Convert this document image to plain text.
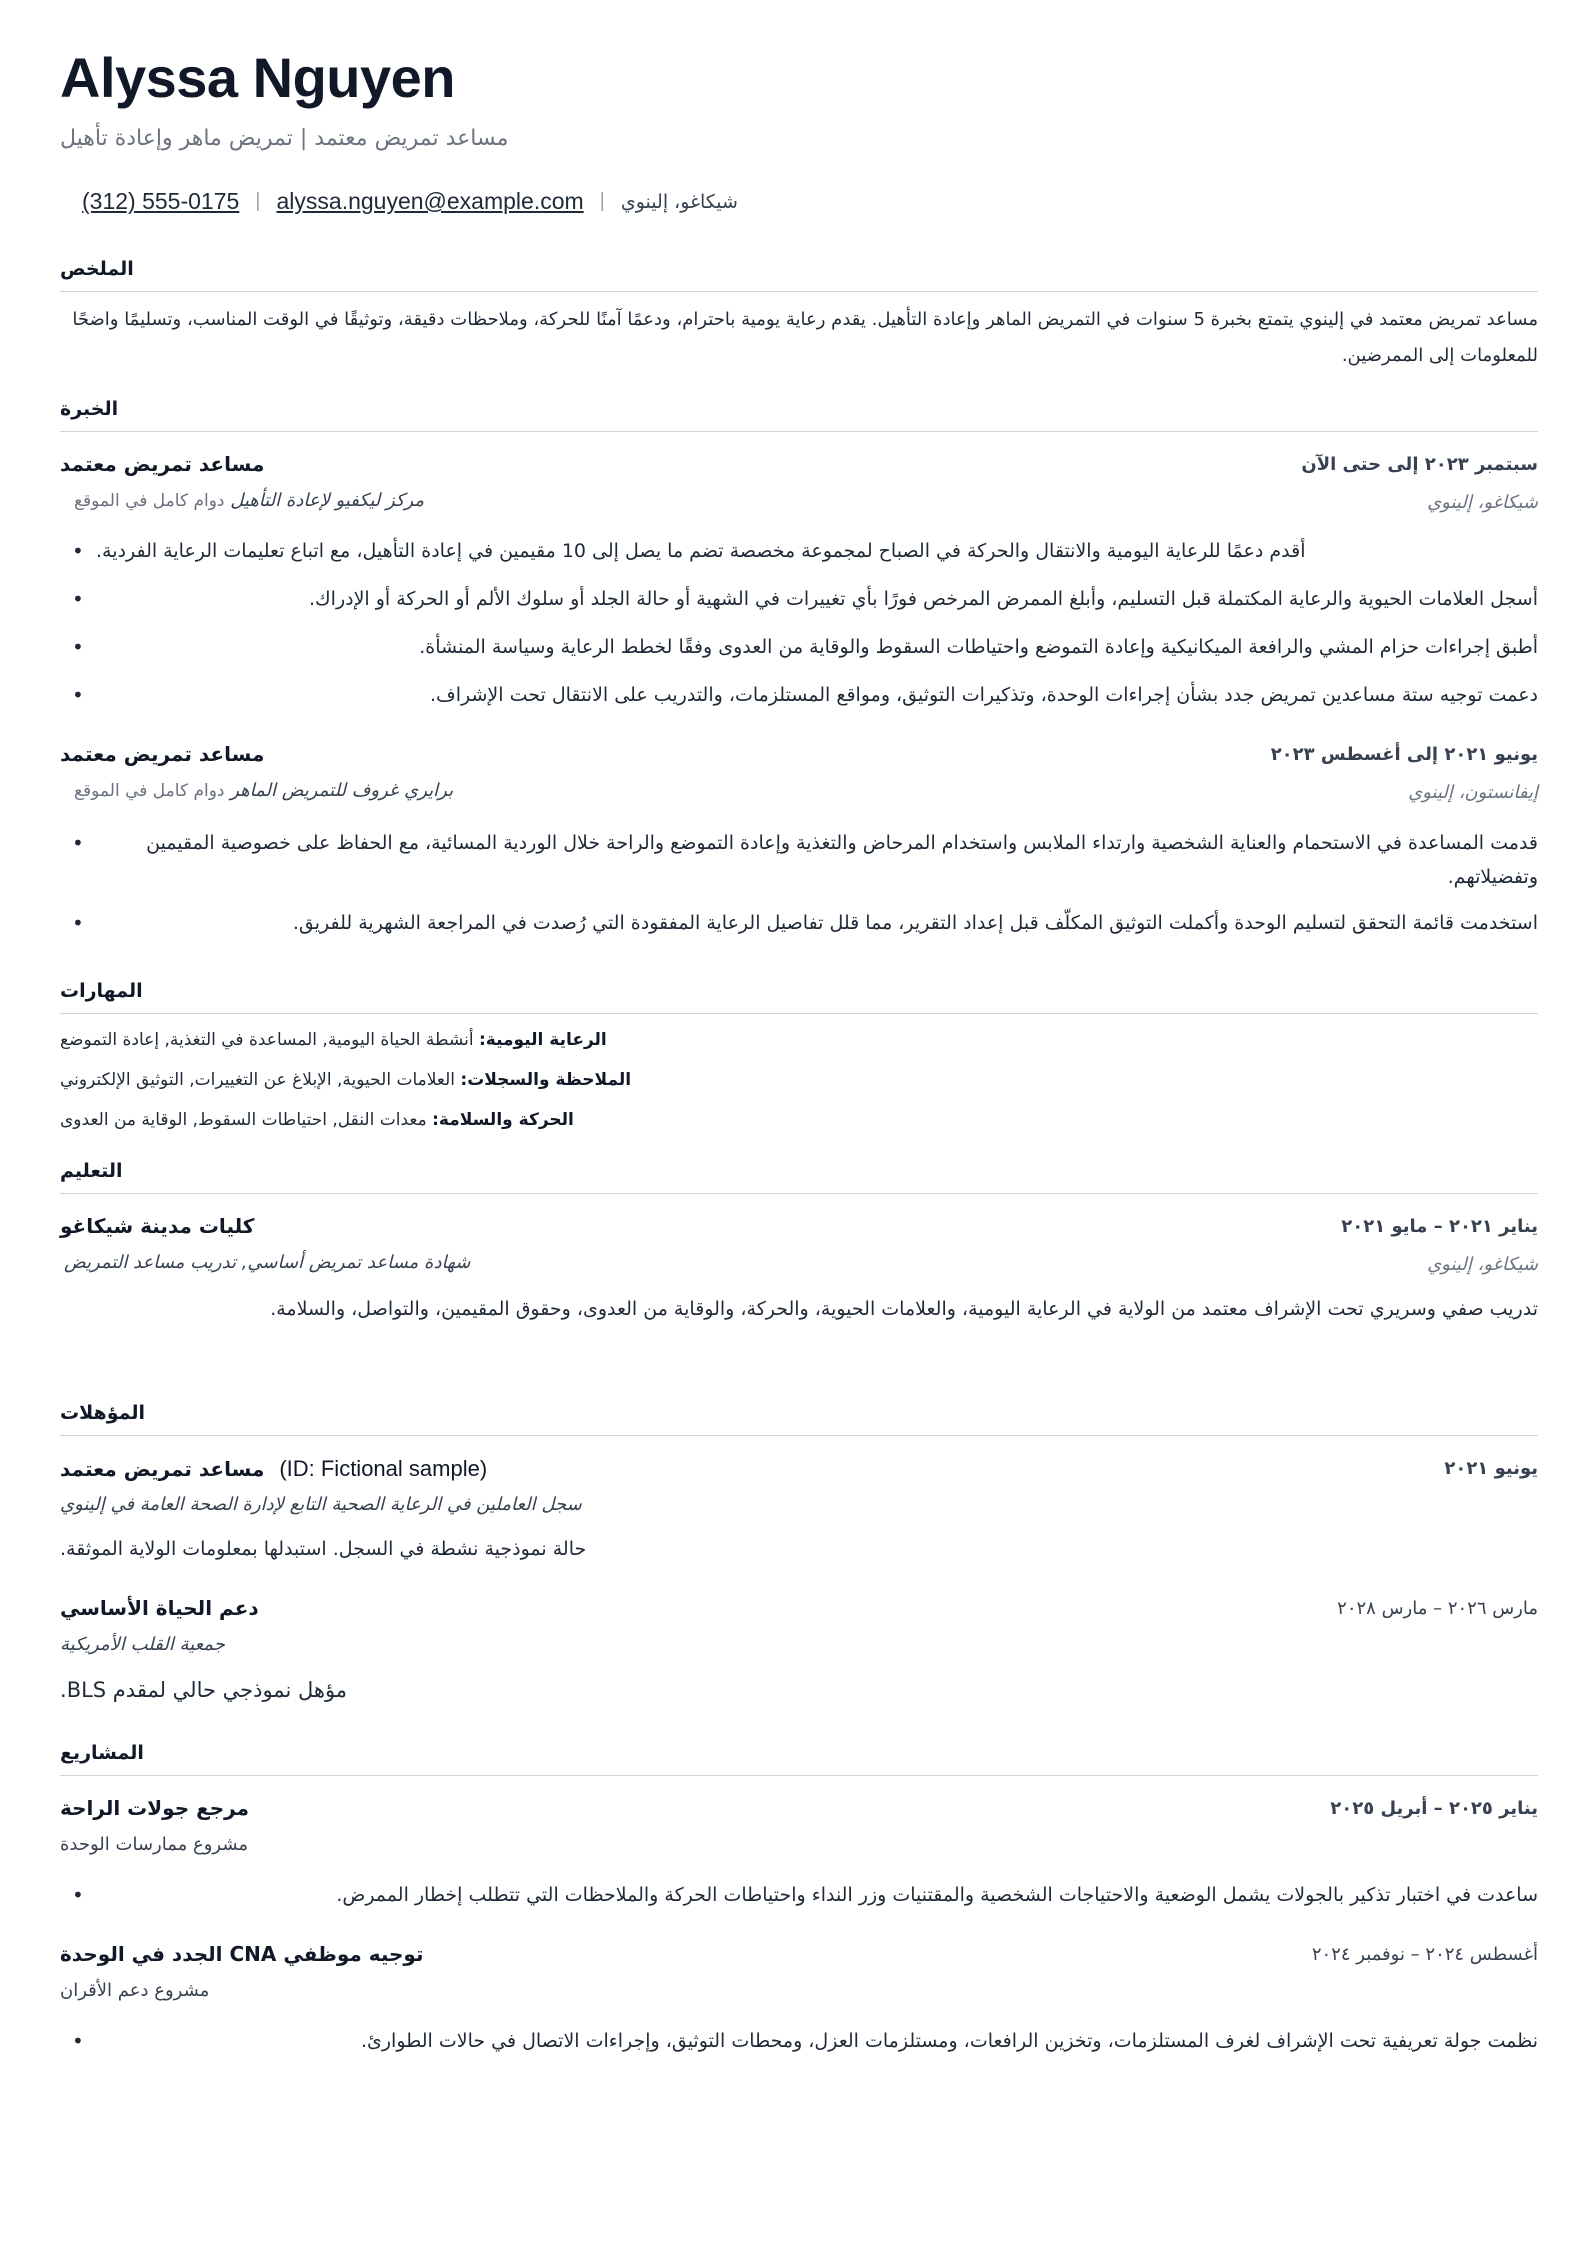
Alyssa Nguyen
مساعد تمريض معتمد | تمريض ماهر وإعادة تأهيل
(312) 555-0175 | alyssa.nguyen@example.com | شيكاغو، إلينوي
الملخص
مساعد تمريض معتمد في إلينوي يتمتع بخبرة 5 سنوات في التمريض الماهر وإعادة التأهيل. يقدم رعاية يومية باحترام، ودعمًا آمنًا للحركة، وملاحظات دقيقة، وتوثيقًا في الوقت المناسب، وتسليمًا واضحًا للمعلومات إلى الممرضين.
الخبرة
مساعد تمريض معتمد	سبتمبر ٢٠٢٣ إلى حتى الآن
دوام كامل في الموقع مركز ليكفيو لإعادة التأهيل	شيكاغو، إلينوي
• أقدم دعمًا للرعاية اليومية والانتقال والحركة في الصباح لمجموعة مخصصة تضم ما يصل إلى 10 مقيمين في إعادة التأهيل، مع اتباع تعليمات الرعاية الفردية.
• أسجل العلامات الحيوية والرعاية المكتملة قبل التسليم، وأبلغ الممرض المرخص فورًا بأي تغييرات في الشهية أو حالة الجلد أو سلوك الألم أو الحركة أو الإدراك.
• أطبق إجراءات حزام المشي والرافعة الميكانيكية وإعادة التموضع واحتياطات السقوط والوقاية من العدوى وفقًا لخطط الرعاية وسياسة المنشأة.
• دعمت توجيه ستة مساعدين تمريض جدد بشأن إجراءات الوحدة، وتذكيرات التوثيق، ومواقع المستلزمات، والتدريب على الانتقال تحت الإشراف.
مساعد تمريض معتمد	يونيو ٢٠٢١ إلى أغسطس ٢٠٢٣
دوام كامل في الموقع برايري غروف للتمريض الماهر	إيفانستون، إلينوي
• قدمت المساعدة في الاستحمام والعناية الشخصية وارتداء الملابس واستخدام المرحاض والتغذية وإعادة التموضع والراحة خلال الوردية المسائية، مع الحفاظ على خصوصية المقيمين وتفضيلاتهم.
• استخدمت قائمة التحقق لتسليم الوحدة وأكملت التوثيق المكلّف قبل إعداد التقرير، مما قلل تفاصيل الرعاية المفقودة التي رُصدت في المراجعة الشهرية للفريق.
المهارات
أنشطة الحياة اليومية, المساعدة في التغذية, إعادة التموضع الرعاية اليومية:
العلامات الحيوية, الإبلاغ عن التغييرات, التوثيق الإلكتروني الملاحظة والسجلات:
معدات النقل, احتياطات السقوط, الوقاية من العدوى الحركة والسلامة:
التعليم
كليات مدينة شيكاغو	يناير ٢٠٢١ – مايو ٢٠٢١
شهادة مساعد تمريض أساسي, تدريب مساعد التمريض	شيكاغو، إلينوي
تدريب صفي وسريري تحت الإشراف معتمد من الولاية في الرعاية اليومية، والعلامات الحيوية، والحركة، والوقاية من العدوى، وحقوق المقيمين، والتواصل، والسلامة.
المؤهلات
مساعد تمريض معتمد (ID: Fictional sample)	يونيو ٢٠٢١
سجل العاملين في الرعاية الصحية التابع لإدارة الصحة العامة في إلينوي
حالة نموذجية نشطة في السجل. استبدلها بمعلومات الولاية الموثقة.
دعم الحياة الأساسي	مارس ٢٠٢٦ – مارس ٢٠٢٨
جمعية القلب الأمريكية
مؤهل نموذجي حالي لمقدم BLS.
المشاريع
مرجع جولات الراحة	يناير ٢٠٢٥ – أبريل ٢٠٢٥
مشروع ممارسات الوحدة
• ساعدت في اختبار تذكير بالجولات يشمل الوضعية والاحتياجات الشخصية والمقتنيات وزر النداء واحتياطات الحركة والملاحظات التي تتطلب إخطار الممرض.
توجيه موظفي CNA الجدد في الوحدة	أغسطس ٢٠٢٤ – نوفمبر ٢٠٢٤
مشروع دعم الأقران
• نظمت جولة تعريفية تحت الإشراف لغرف المستلزمات، وتخزين الرافعات، ومستلزمات العزل، ومحطات التوثيق، وإجراءات الاتصال في حالات الطوارئ.
